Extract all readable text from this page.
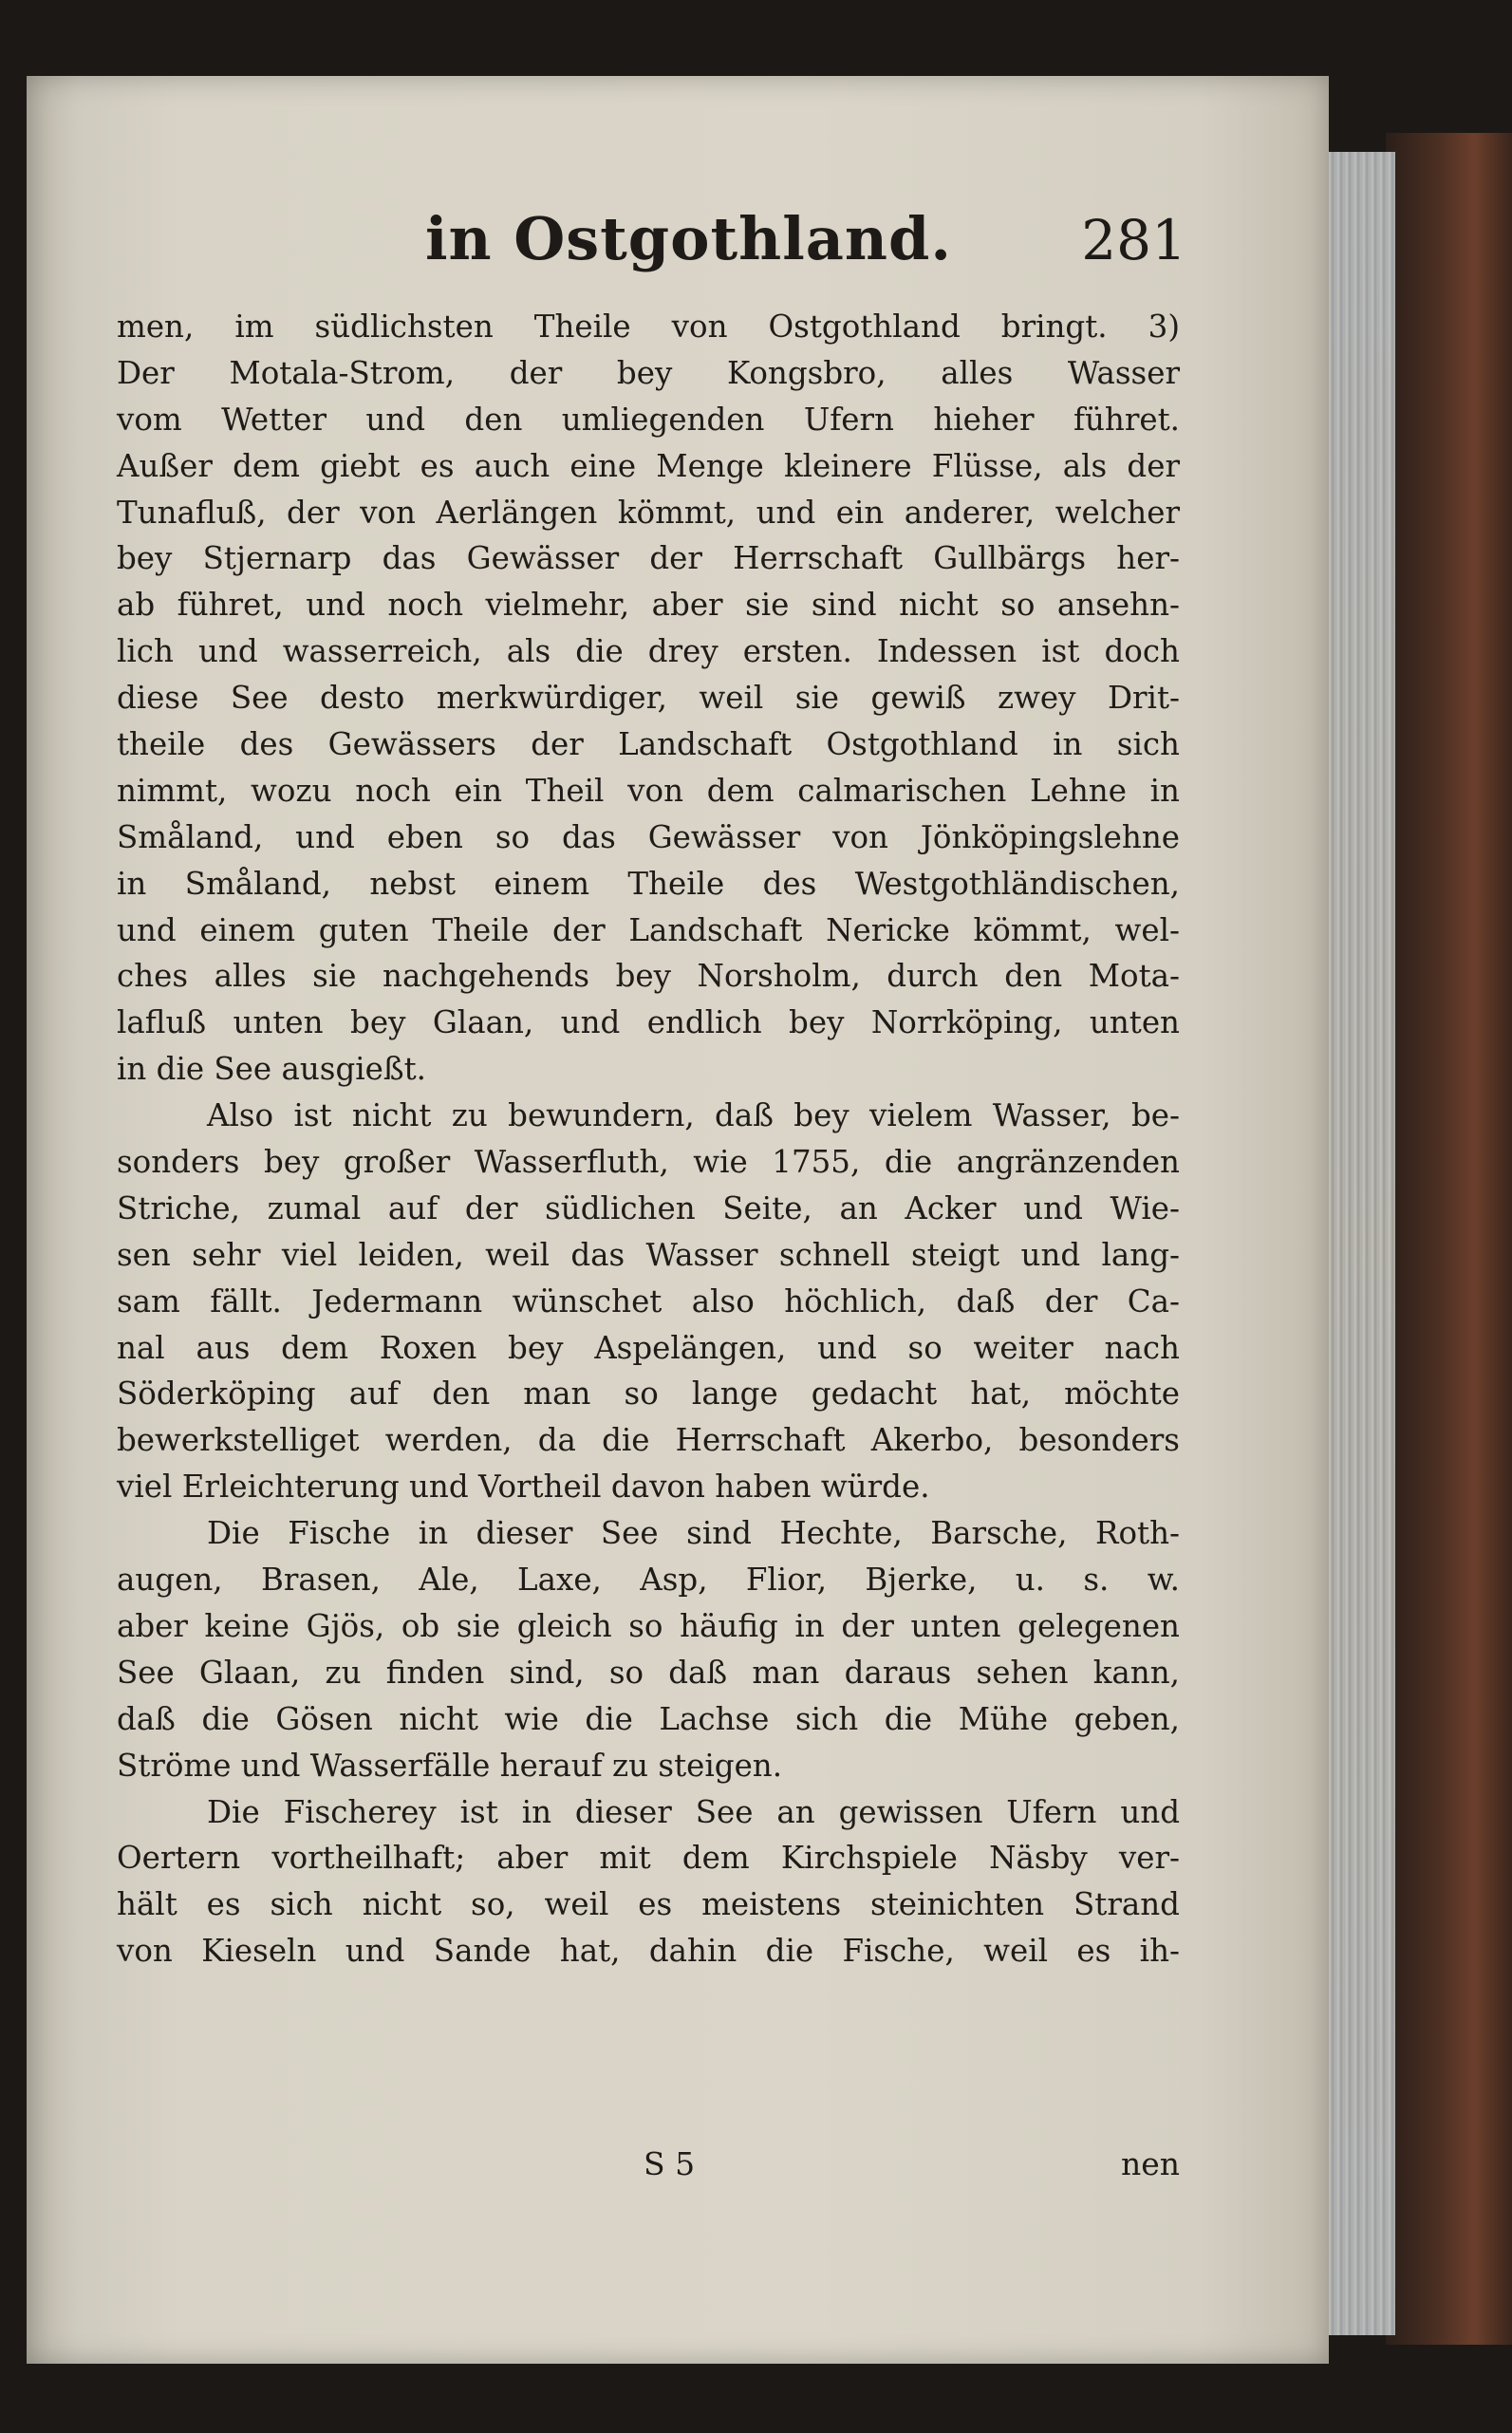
in Ostgothland. 281
men, im südlichsten Theile von Ostgothland bringt. 3)
Der Motala-Strom, der bey Kongsbro, alles Wasser
vom Wetter und den umliegenden Ufern hieher führet.
Außer dem giebt es auch eine Menge kleinere Flüsse, als der
Tunafluß, der von Aerlängen kömmt, und ein anderer, welcher
bey Stjernarp das Gewässer der Herrschaft Gullbärgs her-
ab führet, und noch vielmehr, aber sie sind nicht so ansehn-
lich und wasserreich, als die drey ersten. Indessen ist doch
diese See desto merkwürdiger, weil sie gewiß zwey Drit-
theile des Gewässers der Landschaft Ostgothland in sich
nimmt, wozu noch ein Theil von dem calmarischen Lehne in
Småland, und eben so das Gewässer von Jönköpingslehne
in Småland, nebst einem Theile des Westgothländischen,
und einem guten Theile der Landschaft Nericke kömmt, wel-
ches alles sie nachgehends bey Norsholm, durch den Mota-
lafluß unten bey Glaan, und endlich bey Norrköping, unten
in die See ausgießt.
Also ist nicht zu bewundern, daß bey vielem Wasser, be-
sonders bey großer Wasserfluth, wie 1755, die angränzenden
Striche, zumal auf der südlichen Seite, an Acker und Wie-
sen sehr viel leiden, weil das Wasser schnell steigt und lang-
sam fällt. Jedermann wünschet also höchlich, daß der Ca-
nal aus dem Roxen bey Aspelängen, und so weiter nach
Söderköping auf den man so lange gedacht hat, möchte
bewerkstelliget werden, da die Herrschaft Akerbo, besonders
viel Erleichterung und Vortheil davon haben würde.
Die Fische in dieser See sind Hechte, Barsche, Roth-
augen, Brasen, Ale, Laxe, Asp, Flior, Bjerke, u. s. w.
aber keine Gjös, ob sie gleich so häufig in der unten gelegenen
See Glaan, zu finden sind, so daß man daraus sehen kann,
daß die Gösen nicht wie die Lachse sich die Mühe geben,
Ströme und Wasserfälle herauf zu steigen.
Die Fischerey ist in dieser See an gewissen Ufern und
Oertern vortheilhaft; aber mit dem Kirchspiele Näsby ver-
hält es sich nicht so, weil es meistens steinichten Strand
von Kieseln und Sande hat, dahin die Fische, weil es ih-
S 5	nen
